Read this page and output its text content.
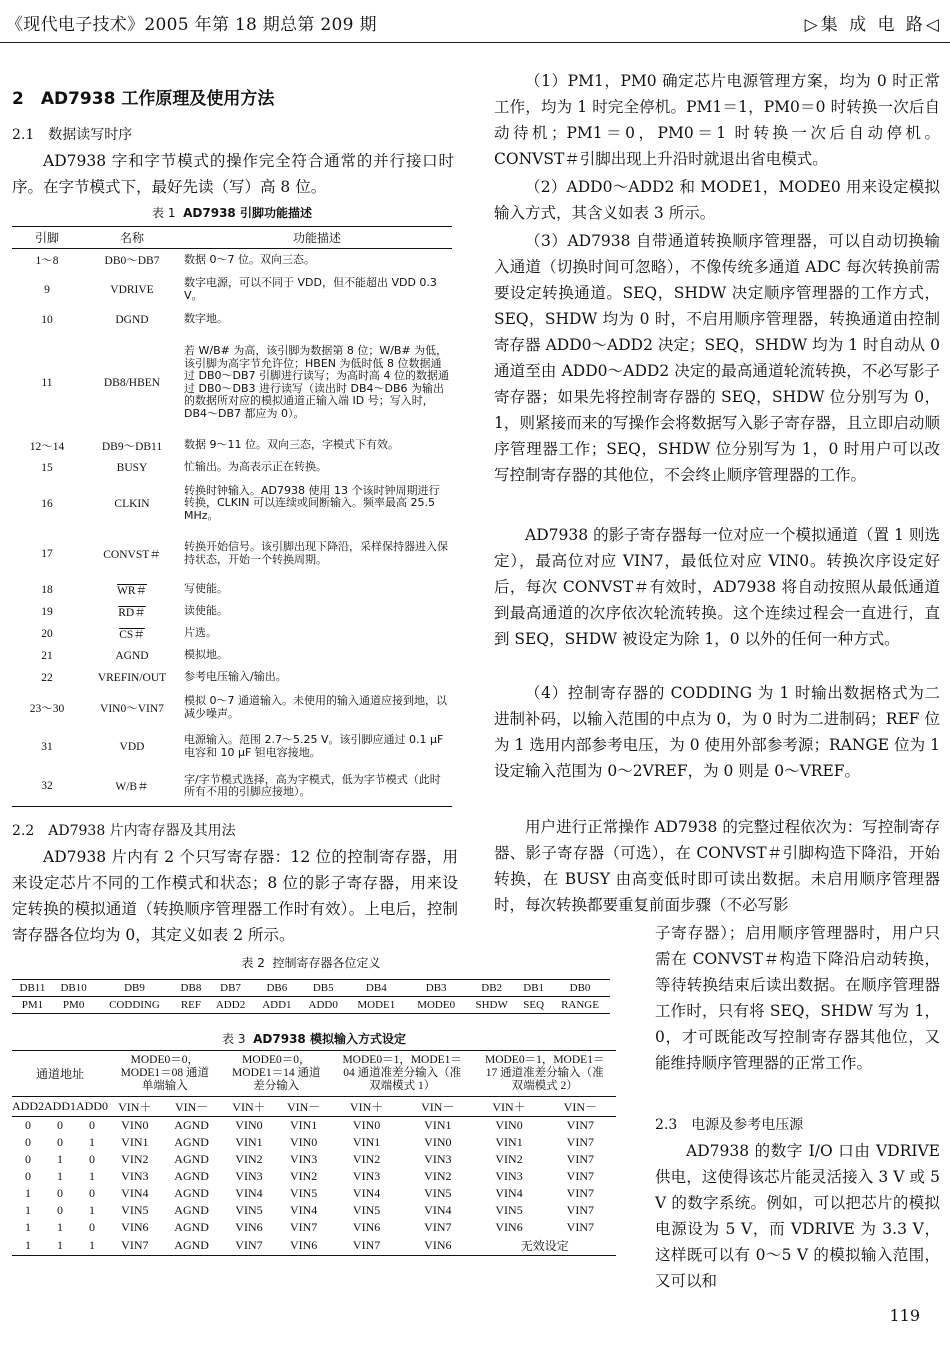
《现代电子技术》2005 年第 18 期总第 209 期	▷集 成 电 路◁
2　AD7938 工作原理及使用方法
2.1　数据读写时序

AD7938 字和字节模式的操作完全符合通常的并行接口时序。在字节模式下，最好先读（写）高 8 位。

表 1 AD7938 引脚功能描述
引脚	名称	功能描述
1～8	DB0～DB7	数据 0～7 位。双向三态。
9	VDRIVE	数字电源，可以不同于 VDD，但不能超出 VDD 0.3 V。
10	DGND	数字地。
11	DB8/HBEN	若 W/B# 为高，该引脚为数据第 8 位；W/B# 为低，该引脚为高字节允许位；HBEN 为低时低 8 位数据通过 DB0～DB7 引脚进行读写；为高时高 4 位的数据通过 DB0～DB3 进行读写（读出时 DB4～DB6 为输出的数据所对应的模拟通道正输入端 ID 号；写入时，DB4～DB7 都应为 0）。
12～14	DB9～DB11	数据 9～11 位。双向三态，字模式下有效。
15	BUSY	忙输出。为高表示正在转换。
16	CLKIN	转换时钟输入。AD7938 使用 13 个该时钟周期进行转换，CLKIN 可以连续或间断输入。频率最高 25.5 MHz。
17	CONVST＃	转换开始信号。该引脚出现下降沿，采样保持器进入保持状态，开始一个转换周期。
18	WR＃	写使能。
19	RD＃	读使能。
20	CS＃	片选。
21	AGND	模拟地。
22	VREFIN/OUT	参考电压输入/输出。
23～30	VIN0～VIN7	模拟 0～7 通道输入。未使用的输入通道应接到地，以减少噪声。
31	VDD	电源输入。范围 2.7～5.25 V。该引脚应通过 0.1 μF 电容和 10 μF 钽电容接地。
32	W/B＃	字/字节模式选择，高为字模式，低为字节模式（此时所有不用的引脚应接地）。
2.2　AD7938 片内寄存器及其用法

AD7938 片内有 2 个只写寄存器：12 位的控制寄存器，用来设定芯片不同的工作模式和状态；8 位的影子寄存器，用来设定转换的模拟通道（转换顺序管理器工作时有效）。上电后，控制寄存器各位均为 0，其定义如表 2 所示。

表 2 控制寄存器各位定义
DB11	DB10	DB9	DB8	DB7	DB6	DB5	DB4	DB3	DB2	DB1	DB0
PM1	PM0	CODDING	REF	ADD2	ADD1	ADD0	MODE1	MODE0	SHDW	SEQ	RANGE
表 3 AD7938 模拟输入方式设定
通道地址			MODE0＝0，MODE1＝08 通道单端输入		MODE0＝0，MODE1＝14 通道差分输入		MODE0＝1，MODE1＝04 通道准差分输入（准双端模式 1）		MODE0＝1，MODE1＝17 通道准差分输入（准双端模式 2）	
ADD2	ADD1	ADD0	VIN＋	VIN－	VIN＋	VIN－	VIN＋	VIN－	VIN＋	VIN－
0	0	0	VIN0	AGND	VIN0	VIN1	VIN0	VIN1	VIN0	VIN7
0	0	1	VIN1	AGND	VIN1	VIN0	VIN1	VIN0	VIN1	VIN7
0	1	0	VIN2	AGND	VIN2	VIN3	VIN2	VIN3	VIN2	VIN7
0	1	1	VIN3	AGND	VIN3	VIN2	VIN3	VIN2	VIN3	VIN7
1	0	0	VIN4	AGND	VIN4	VIN5	VIN4	VIN5	VIN4	VIN7
1	0	1	VIN5	AGND	VIN5	VIN4	VIN5	VIN4	VIN5	VIN7
1	1	0	VIN6	AGND	VIN6	VIN7	VIN6	VIN7	VIN6	VIN7
1	1	1	VIN7	AGND	VIN7	VIN6	VIN7	VIN6	无效设定	

（1）PM1，PM0 确定芯片电源管理方案，均为 0 时正常工作，均为 1 时完全停机。PM1＝1，PM0＝0 时转换一次后自动待机；PM1＝0，PM0＝1 时转换一次后自动停机。CONVST＃引脚出现上升沿时就退出省电模式。

（2）ADD0～ADD2 和 MODE1，MODE0 用来设定模拟输入方式，其含义如表 3 所示。

（3）AD7938 自带通道转换顺序管理器，可以自动切换输入通道（切换时间可忽略），不像传统多通道 ADC 每次转换前需要设定转换通道。SEQ，SHDW 决定顺序管理器的工作方式，SEQ，SHDW 均为 0 时，不启用顺序管理器，转换通道由控制寄存器 ADD0～ADD2 决定；SEQ，SHDW 均为 1 时自动从 0 通道至由 ADD0～ADD2 决定的最高通道轮流转换，不必写影子寄存器；如果先将控制寄存器的 SEQ，SHDW 位分别写为 0，1，则紧接而来的写操作会将数据写入影子寄存器，且立即启动顺序管理器工作；SEQ，SHDW 位分别写为 1，0 时用户可以改写控制寄存器的其他位，不会终止顺序管理器的工作。

AD7938 的影子寄存器每一位对应一个模拟通道（置 1 则选定），最高位对应 VIN7，最低位对应 VIN0。转换次序设定好后，每次 CONVST＃有效时，AD7938 将自动按照从最低通道到最高通道的次序依次轮流转换。这个连续过程会一直进行，直到 SEQ，SHDW 被设定为除 1，0 以外的任何一种方式。

（4）控制寄存器的 CODDING 为 1 时输出数据格式为二进制补码，以输入范围的中点为 0，为 0 时为二进制码；REF 位为 1 选用内部参考电压，为 0 使用外部参考源；RANGE 位为 1 设定输入范围为 0～2VREF，为 0 则是 0～VREF。

用户进行正常操作 AD7938 的完整过程依次为：写控制寄存器、影子寄存器（可选），在 CONVST＃引脚构造下降沿，开始转换，在 BUSY 由高变低时即可读出数据。未启用顺序管理器时，每次转换都要重复前面步骤（不必写影

子寄存器）；启用顺序管理器时，用户只需在 CONVST＃构造下降沿启动转换，等待转换结束后读出数据。在顺序管理器工作时，只有将 SEQ，SHDW 写为 1，0，才可既能改写控制寄存器其他位，又能维持顺序管理器的正常工作。

2.3　电源及参考电压源

AD7938 的数字 I/O 口由 VDRIVE 供电，这使得该芯片能灵活接入 3 V 或 5 V 的数字系统。例如，可以把芯片的模拟电源设为 5 V，而 VDRIVE 为 3.3 V，这样既可以有 0～5 V 的模拟输入范围，又可以和

119
